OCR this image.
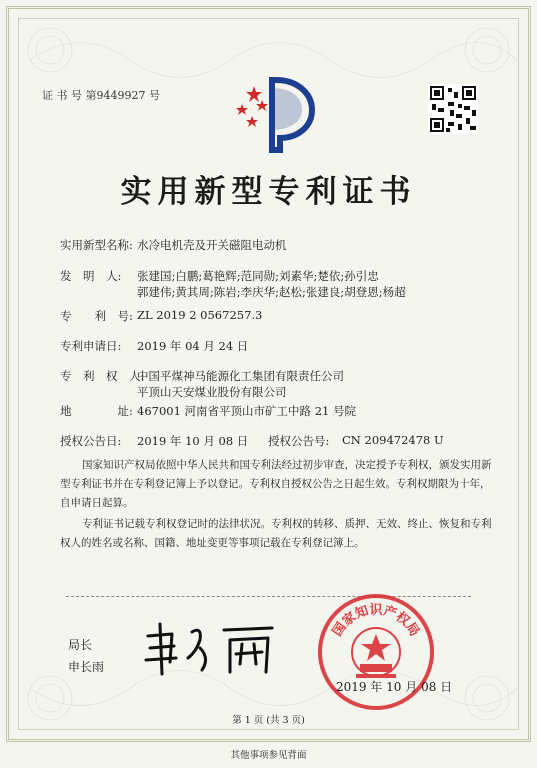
证 书 号 第9449927 号
实用新型专利证书
实用新型名称: 水冷电机壳及开关磁阻电动机
发　明　人: 张建国;白鹏;葛艳辉;范同勋;刘素华;楚依;孙引忠
郭建伟;黄其周;陈岩;李庆华;赵松;张建良;胡登恩;杨超
专　　利　号: ZL 2019 2 0567257.3
专利申请日: 2019 年 04 月 24 日
专　利　权　人:
中国平煤神马能源化工集团有限责任公司
平顶山天安煤业股份有限公司
地　　　　址: 467001 河南省平顶山市矿工中路 21 号院
授权公告日: 2019 年 10 月 08 日 授权公告号: CN 209472478 U
国家知识产权局依照中华人民共和国专利法经过初步审查，决定授予专利权，颁发实用新型专利证书并在专利登记簿上予以登记。专利权自授权公告之日起生效。专利权期限为十年，自申请日起算。
专利证书记载专利权登记时的法律状况。专利权的转移、质押、无效、终止、恢复和专利权人的姓名或名称、国籍、地址变更等事项记载在专利登记簿上。
局长
申长雨
国家知识产权局
2019 年 10 月 08 日
第 1 页 (共 3 页)
其他事项参见背面
